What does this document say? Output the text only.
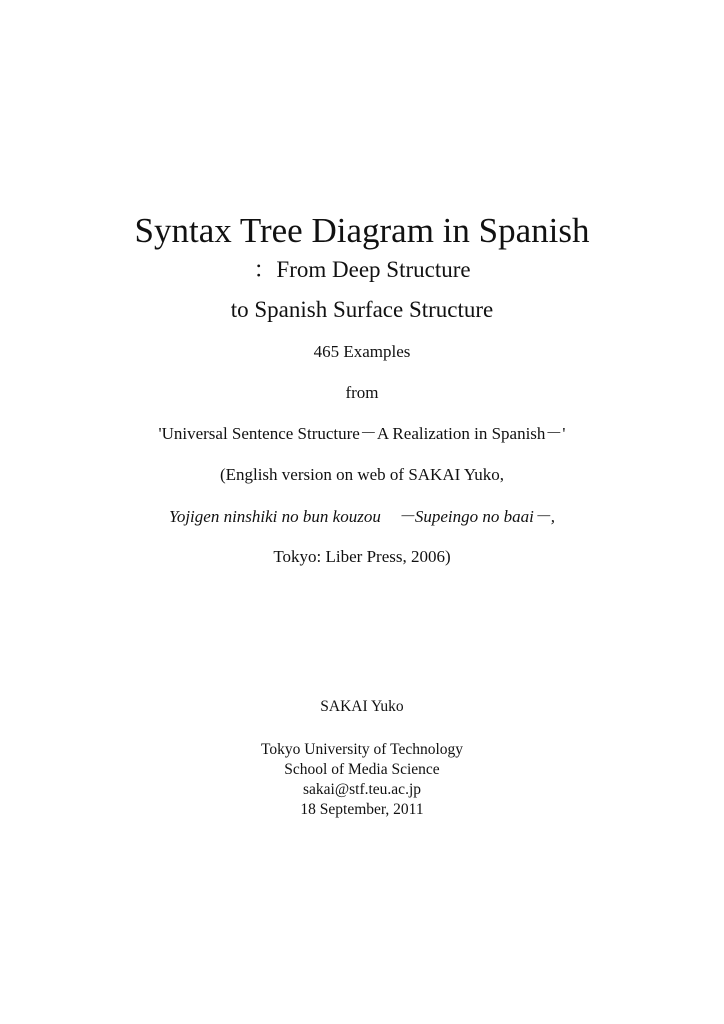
Syntax Tree Diagram in Spanish
：From Deep Structure
to Spanish Surface Structure
465 Examples
from
'Universal Sentence Structure－A Realization in Spanish－'
(English version on web of SAKAI Yuko,
Yojigen ninshiki no bun kouzou　－Supeingo no baai－,
Tokyo: Liber Press, 2006)
SAKAI Yuko
Tokyo University of Technology
School of Media Science
sakai@stf.teu.ac.jp
18 September, 2011
